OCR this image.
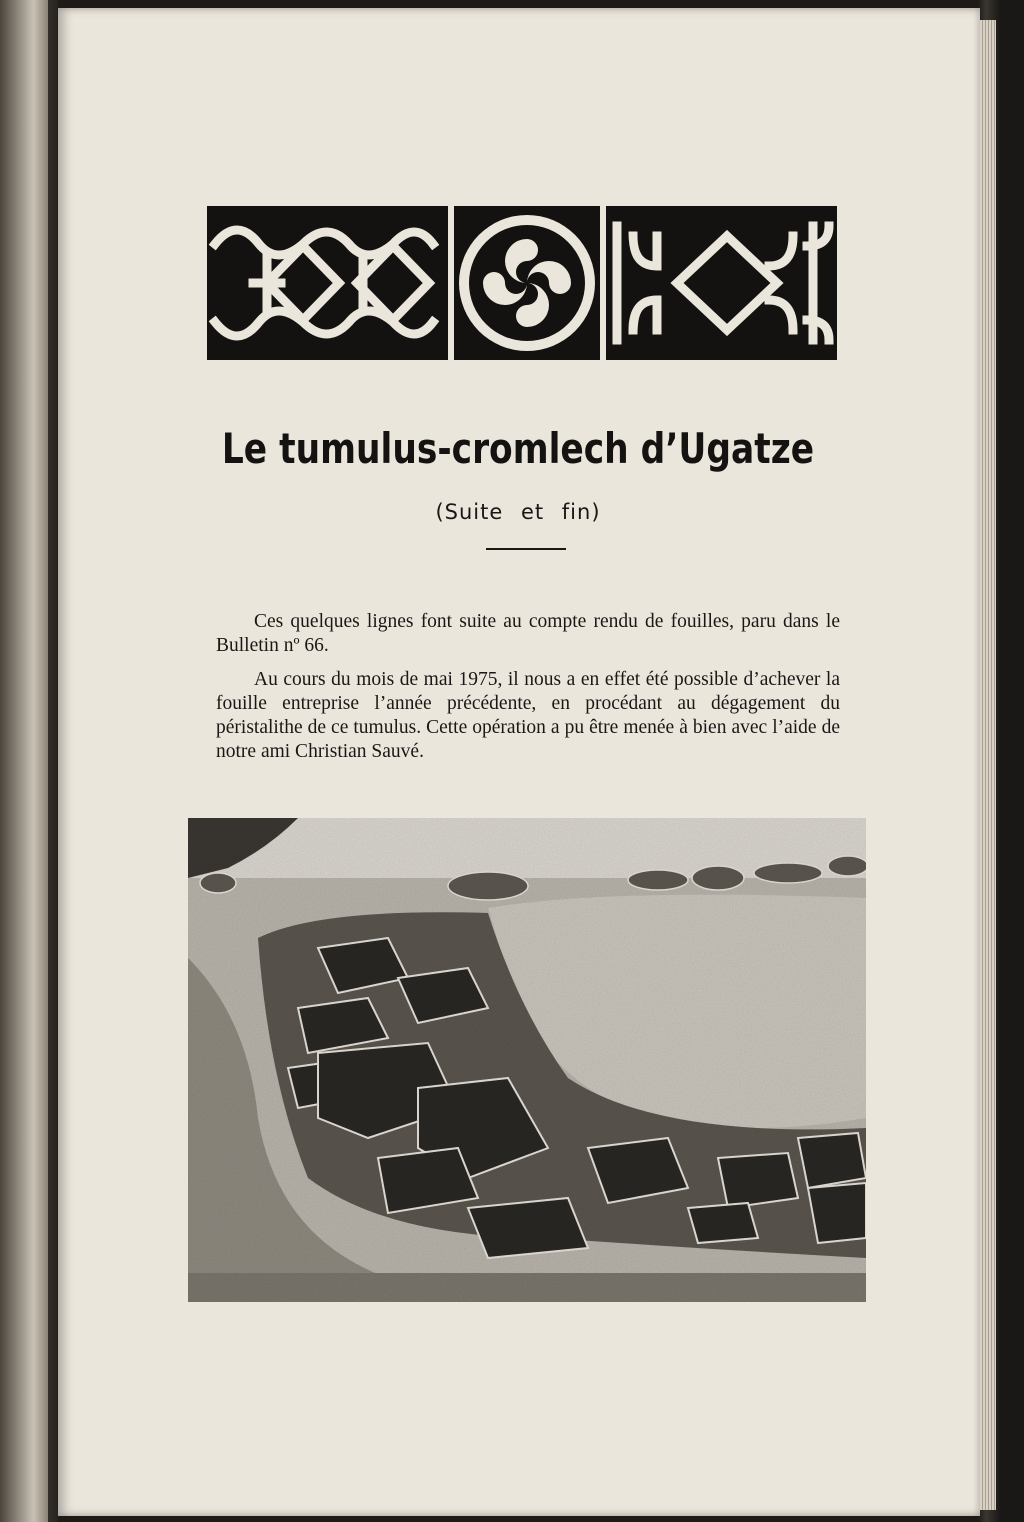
Le tumulus-cromlech d’Ugatze
(Suite et fin)

Ces quelques lignes font suite au compte rendu de fouilles, paru dans le Bulletin nº 66.

Au cours du mois de mai 1975, il nous a en effet été possible d’achever la fouille entreprise l’année précédente, en procédant au dégagement du péristalithe de ce tumulus. Cette opération a pu être menée à bien avec l’aide de notre ami Christian Sauvé.
